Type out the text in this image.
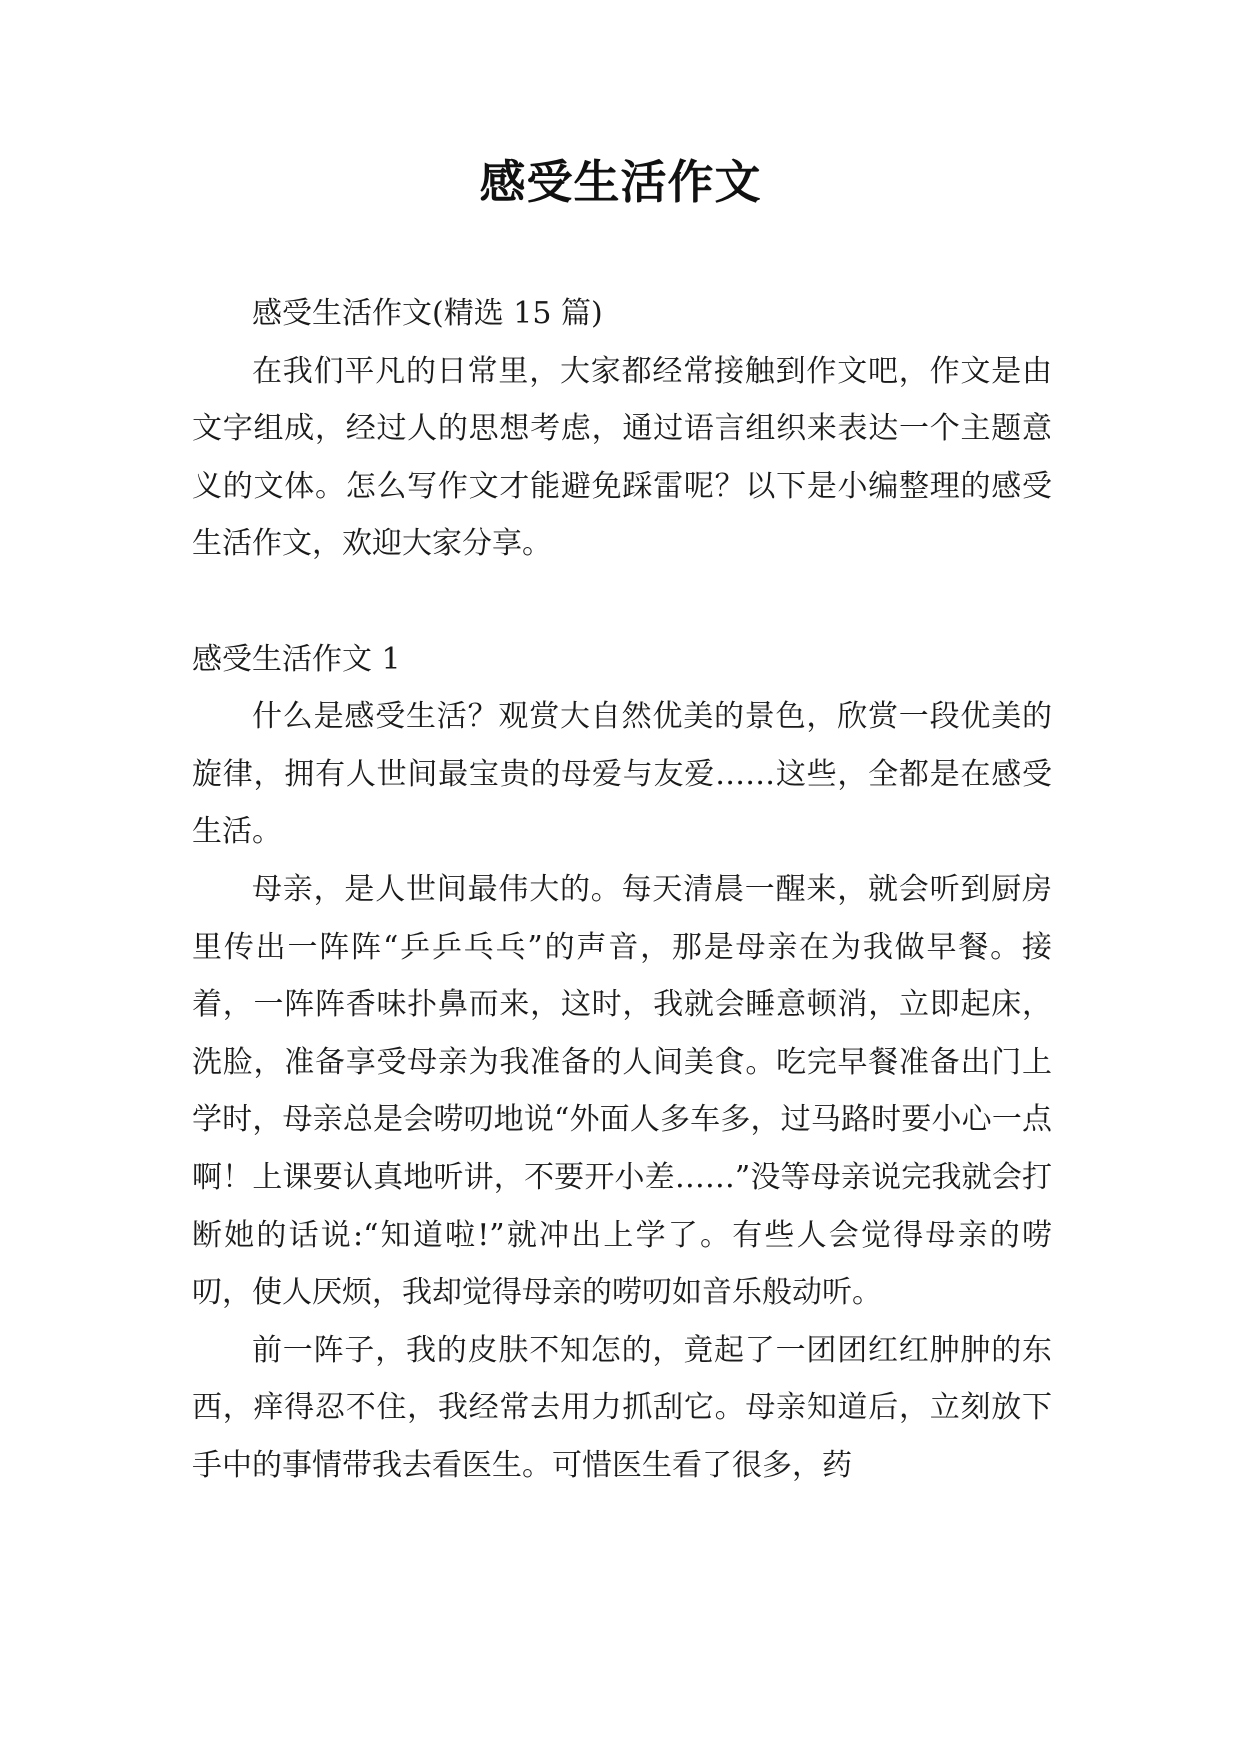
感受生活作文

感受生活作文(精选 15 篇)

在我们平凡的日常里，大家都经常接触到作文吧，作文是由文字组成，经过人的思想考虑，通过语言组织来表达一个主题意义的文体。怎么写作文才能避免踩雷呢？以下是小编整理的感受生活作文，欢迎大家分享。

感受生活作文 1

什么是感受生活？观赏大自然优美的景色，欣赏一段优美的旋律，拥有人世间最宝贵的母爱与友爱……这些，全都是在感受生活。

母亲，是人世间最伟大的。每天清晨一醒来，就会听到厨房里传出一阵阵“乒乒乓乓”的声音，那是母亲在为我做早餐。接着，一阵阵香味扑鼻而来，这时，我就会睡意顿消，立即起床，洗脸，准备享受母亲为我准备的人间美食。吃完早餐准备出门上学时，母亲总是会唠叨地说“外面人多车多，过马路时要小心一点啊！上课要认真地听讲，不要开小差……”没等母亲说完我就会打断她的话说:“知道啦!”就冲出上学了。有些人会觉得母亲的唠叨，使人厌烦，我却觉得母亲的唠叨如音乐般动听。

前一阵子，我的皮肤不知怎的，竟起了一团团红红肿肿的东西，痒得忍不住，我经常去用力抓刮它。母亲知道后，立刻放下手中的事情带我去看医生。可惜医生看了很多，药
